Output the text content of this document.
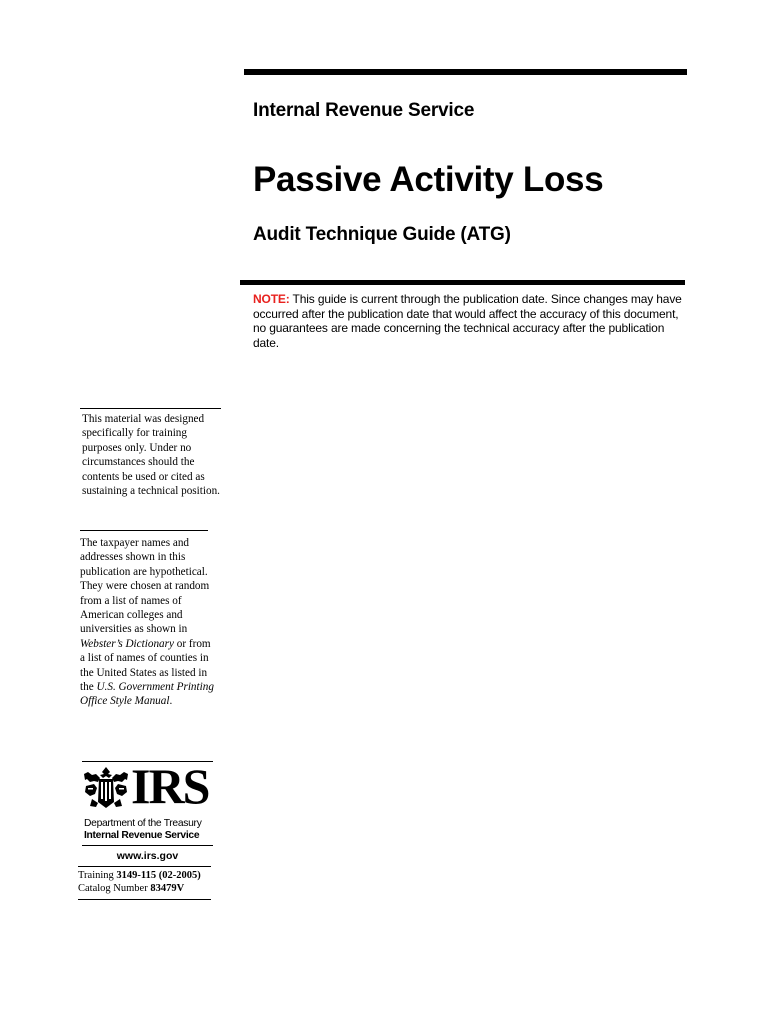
Internal Revenue Service
Passive Activity Loss
Audit Technique Guide (ATG)
NOTE: This guide is current through the publication date. Since changes may have occurred after the publication date that would affect the accuracy of this document, no guarantees are made concerning the technical accuracy after the publication date.
This material was designed specifically for training purposes only. Under no circumstances should the contents be used or cited as sustaining a technical position.
The taxpayer names and addresses shown in this publication are hypothetical. They were chosen at random from a list of names of American colleges and universities as shown in Webster’s Dictionary or from a list of names of counties in the United States as listed in the U.S. Government Printing Office Style Manual.
IRS
Department of the Treasury
Internal Revenue Service
www.irs.gov
Training 3149-115 (02-2005)
Catalog Number 83479V
